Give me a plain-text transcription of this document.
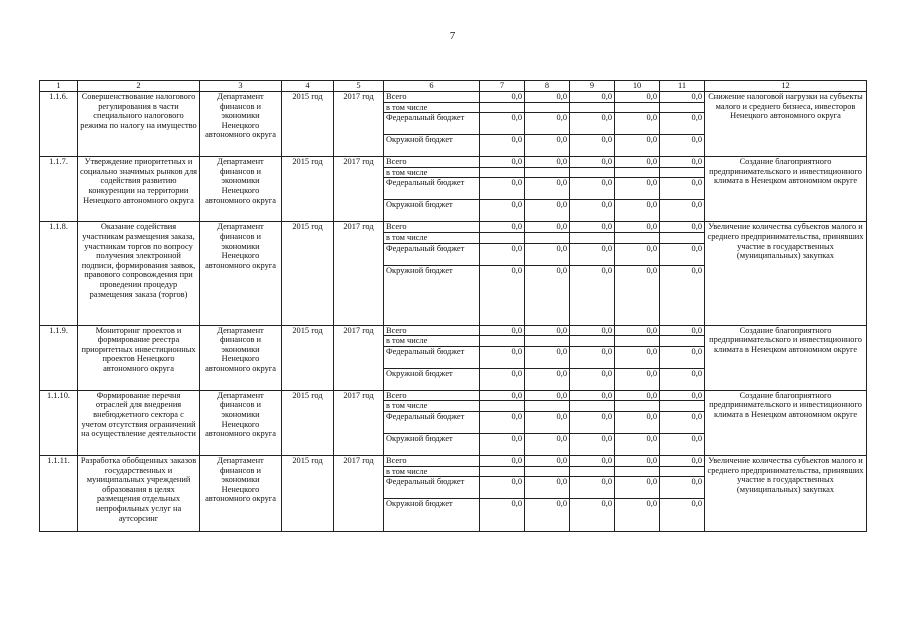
7
1	2	3	4	5	6	7	8	9	10	11	12
1.1.6.	Совершенствование налогового регулирования в части специального налогового режима по налогу на имущество	Департамент финансов и экономики Ненецкого автономного округа	2015 год	2017 год	Всего	0,0	0,0	0,0	0,0	0,0	Снижение налоговой нагрузки на субъекты малого и среднего бизнеса, инвесторов Ненецкого автономного округа
					в том числе						
					Федеральный бюджет	0,0	0,0	0,0	0,0	0,0	
					Окружной бюджет	0,0	0,0	0,0	0,0	0,0	
1.1.7.	Утверждение приоритетных и социально значимых рынков для содействия развитию конкуренции на территории Ненецкого автономного округа	Департамент финансов и экономики Ненецкого автономного округа	2015 год	2017 год	Всего	0,0	0,0	0,0	0,0	0,0	Создание благоприятного предпринимательского и инвестиционного климата в Ненецком автономном округе
					в том числе						
					Федеральный бюджет	0,0	0,0	0,0	0,0	0,0	
					Окружной бюджет	0,0	0,0	0,0	0,0	0,0	
1.1.8.	Оказание содействия участникам размещения заказа, участникам торгов по вопросу получения электронной подписи, формирования заявок, правового сопровождения при проведении процедур размещения заказа (торгов)	Департамент финансов и экономики Ненецкого автономного округа	2015 год	2017 год	Всего	0,0	0,0	0,0	0,0	0,0	Увеличение количества субъектов малого и среднего предпринимательства, принявших участие в государственных (муниципальных) закупках
					в том числе						
					Федеральный бюджет	0,0	0,0	0,0	0,0	0,0	
					Окружной бюджет	0,0	0,0	0,0	0,0	0,0	
1.1.9.	Мониторинг проектов и формирование реестра приоритетных инвестиционных проектов Ненецкого автономного округа	Департамент финансов и экономики Ненецкого автономного округа	2015 год	2017 год	Всего	0,0	0,0	0,0	0,0	0,0	Создание благоприятного предпринимательского и инвестиционного климата в Ненецком автономном округе
					в том числе						
					Федеральный бюджет	0,0	0,0	0,0	0,0	0,0	
					Окружной бюджет	0,0	0,0	0,0	0,0	0,0	
1.1.10.	Формирование перечня отраслей для внедрения внебюджетного сектора с учетом отсутствия ограничений на осуществление деятельности	Департамент финансов и экономики Ненецкого автономного округа	2015 год	2017 год	Всего	0,0	0,0	0,0	0,0	0,0	Создание благоприятного предпринимательского и инвестиционного климата в Ненецком автономном округе
					в том числе						
					Федеральный бюджет	0,0	0,0	0,0	0,0	0,0	
					Окружной бюджет	0,0	0,0	0,0	0,0	0,0	
1.1.11.	Разработка обобщенных заказов государственных и муниципальных учреждений образования в целях размещения отдельных непрофильных услуг на аутсорсинг	Департамент финансов и экономики Ненецкого автономного округа	2015 год	2017 год	Всего	0,0	0,0	0,0	0,0	0,0	Увеличение количества субъектов малого и среднего предпринимательства, принявших участие в государственных (муниципальных) закупках
					в том числе						
					Федеральный бюджет	0,0	0,0	0,0	0,0	0,0	
					Окружной бюджет	0,0	0,0	0,0	0,0	0,0	
